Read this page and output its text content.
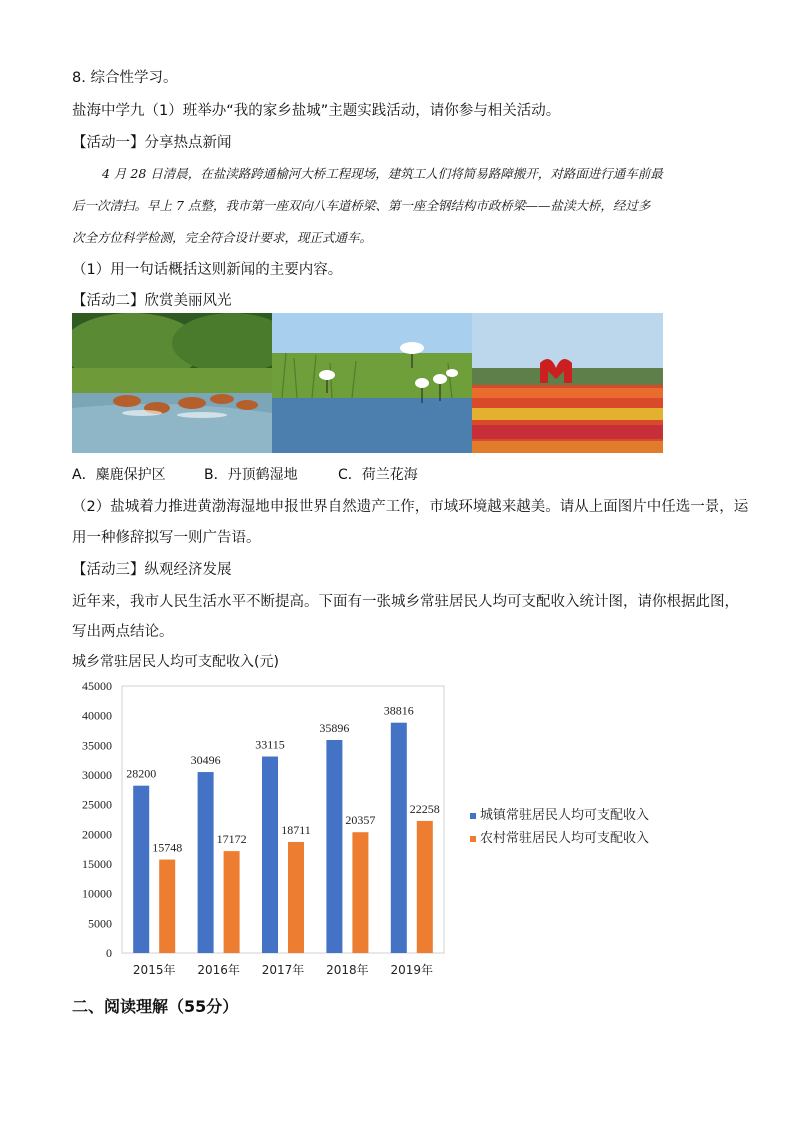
8. 综合性学习。
盐海中学九（1）班举办“我的家乡盐城”主题实践活动，请你参与相关活动。
【活动一】分享热点新闻
4 月 28 日清晨，在盐渎路跨通榆河大桥工程现场，建筑工人们将简易路障搬开，对路面进行通车前最
后一次清扫。早上 7 点整，我市第一座双向八车道桥梁、第一座全钢结构市政桥梁——盐渎大桥，经过多
次全方位科学检测，完全符合设计要求，现正式通车。
（1）用一句话概括这则新闻的主要内容。
【活动二】欣赏美丽风光
A．麋鹿保护区	B．丹顶鹤湿地	C．荷兰花海
（2）盐城着力推进黄渤海湿地申报世界自然遗产工作，市域环境越来越美。请从上面图片中任选一景，运
用一种修辞拟写一则广告语。
【活动三】纵观经济发展
近年来，我市人民生活水平不断提高。下面有一张城乡常驻居民人均可支配收入统计图，请你根据此图，
写出两点结论。
城乡常驻居民人均可支配收入(元)
0
5000
10000
15000
20000
25000
30000
35000
40000
45000
2015年
28200
15748
2016年
30496
17172
2017年
33115
18711
2018年
35896
20357
2019年
38816
22258	城镇常驻居民人均可支配收入
农村常驻居民人均可支配收入
二、阅读理解（55分）
